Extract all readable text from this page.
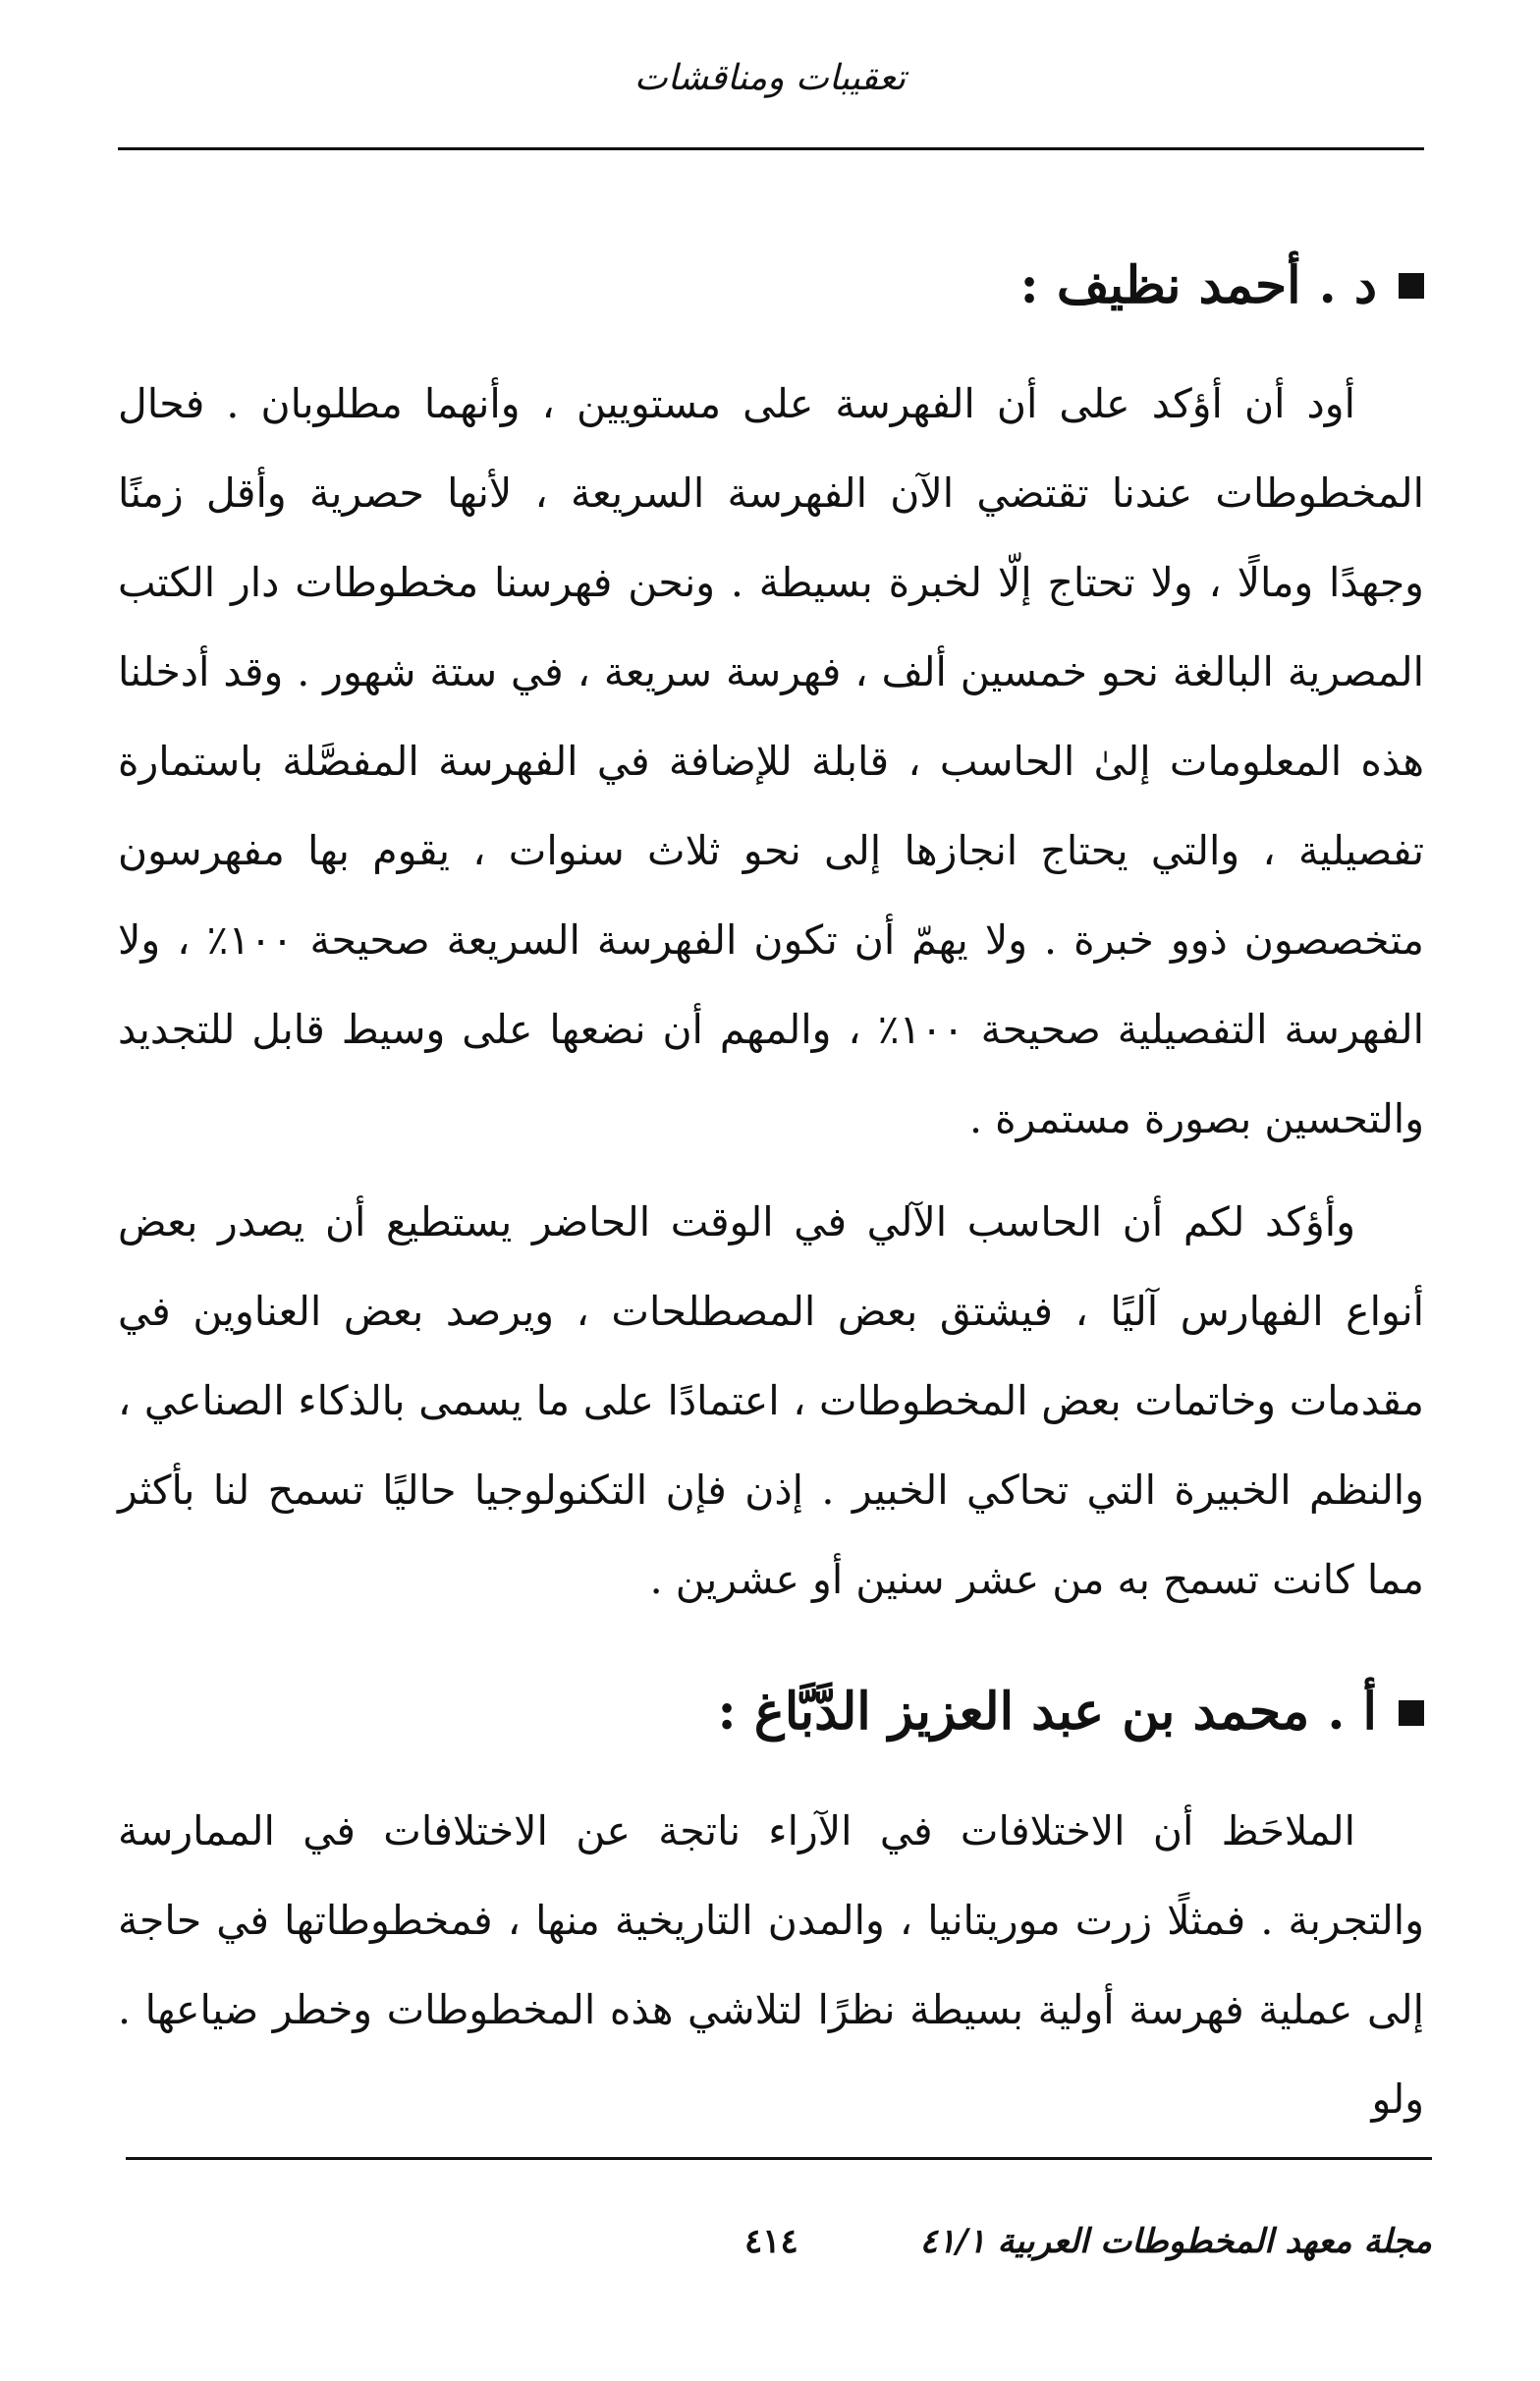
تعقيبات ومناقشات
د . أحمد نظيف :

أود أن أؤكد على أن الفهرسة على مستويين ، وأنهما مطلوبان . فحال المخطوطات عندنا تقتضي الآن الفهرسة السريعة ، لأنها حصرية وأقل زمنًا وجهدًا ومالًا ، ولا تحتاج إلّا لخبرة بسيطة . ونحن فهرسنا مخطوطات دار الكتب المصرية البالغة نحو خمسين ألف ، فهرسة سريعة ، في ستة شهور . وقد أدخلنا هذه المعلومات إلىٰ الحاسب ، قابلة للإضافة في الفهرسة المفصَّلة باستمارة تفصيلية ، والتي يحتاج انجازها إلى نحو ثلاث سنوات ، يقوم بها مفهرسون متخصصون ذوو خبرة . ولا يهمّ أن تكون الفهرسة السريعة صحيحة ١٠٠٪ ، ولا الفهرسة التفصيلية صحيحة ١٠٠٪ ، والمهم أن نضعها على وسيط قابل للتجديد والتحسين بصورة مستمرة .

وأؤكد لكم أن الحاسب الآلي في الوقت الحاضر يستطيع أن يصدر بعض أنواع الفهارس آليًا ، فيشتق بعض المصطلحات ، ويرصد بعض العناوين في مقدمات وخاتمات بعض المخطوطات ، اعتمادًا على ما يسمى بالذكاء الصناعي ، والنظم الخبيرة التي تحاكي الخبير . إذن فإن التكنولوجيا حاليًا تسمح لنا بأكثر مما كانت تسمح به من عشر سنين أو عشرين .

أ . محمد بن عبد العزيز الدَّبَّاغ :

الملاحَظ أن الاختلافات في الآراء ناتجة عن الاختلافات في الممارسة والتجربة . فمثلًا زرت موريتانيا ، والمدن التاريخية منها ، فمخطوطاتها في حاجة إلى عملية فهرسة أولية بسيطة نظرًا لتلاشي هذه المخطوطات وخطر ضياعها . ولو

مجلة معهد المخطوطات العربية ٤١/١
٤١٤
